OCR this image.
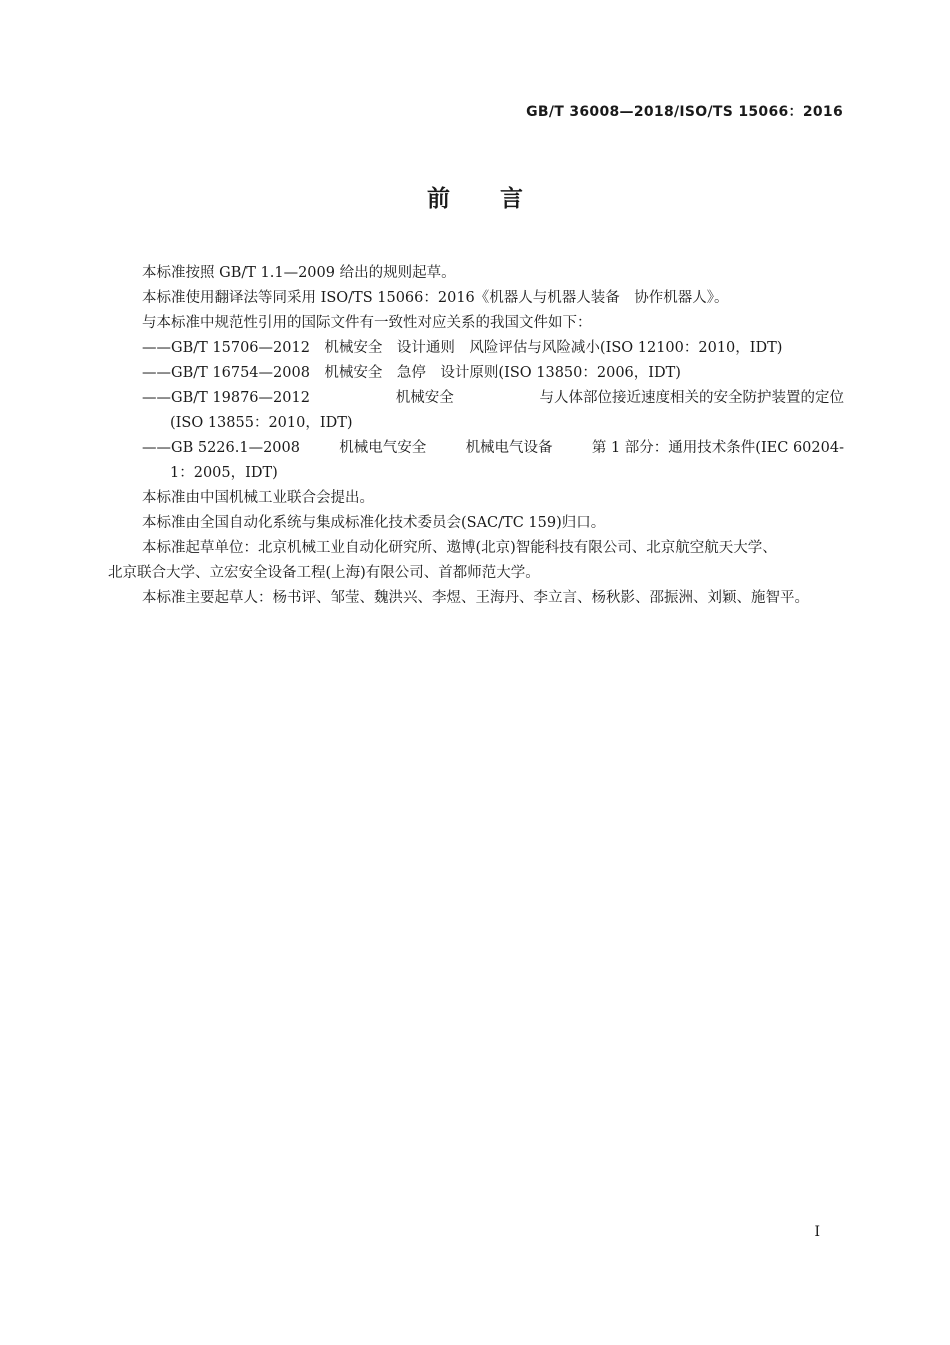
GB/T 36008—2018/ISO/TS 15066：2016
前言

本标准按照 GB/T 1.1—2009 给出的规则起草。

本标准使用翻译法等同采用 ISO/TS 15066：2016《机器人与机器人装备　协作机器人》。

与本标准中规范性引用的国际文件有一致性对应关系的我国文件如下：

——GB/T 15706—2012　机械安全　设计通则　风险评估与风险减小(ISO 12100：2010，IDT)

——GB/T 16754—2008　机械安全　急停　设计原则(ISO 13850：2006，IDT)

——GB/T 19876—2012	机械安全	与人体部位接近速度相关的安全防护装置的定位

(ISO 13855：2010，IDT)

——GB 5226.1—2008	机械电气安全	机械电气设备	第 1 部分：通用技术条件(IEC 60204-

1：2005，IDT)

本标准由中国机械工业联合会提出。

本标准由全国自动化系统与集成标准化技术委员会(SAC/TC 159)归口。

本标准起草单位：北京机械工业自动化研究所、遨博(北京)智能科技有限公司、北京航空航天大学、

北京联合大学、立宏安全设备工程(上海)有限公司、首都师范大学。

本标准主要起草人：杨书评、邹莹、魏洪兴、李煜、王海丹、李立言、杨秋影、邵振洲、刘颖、施智平。

I
